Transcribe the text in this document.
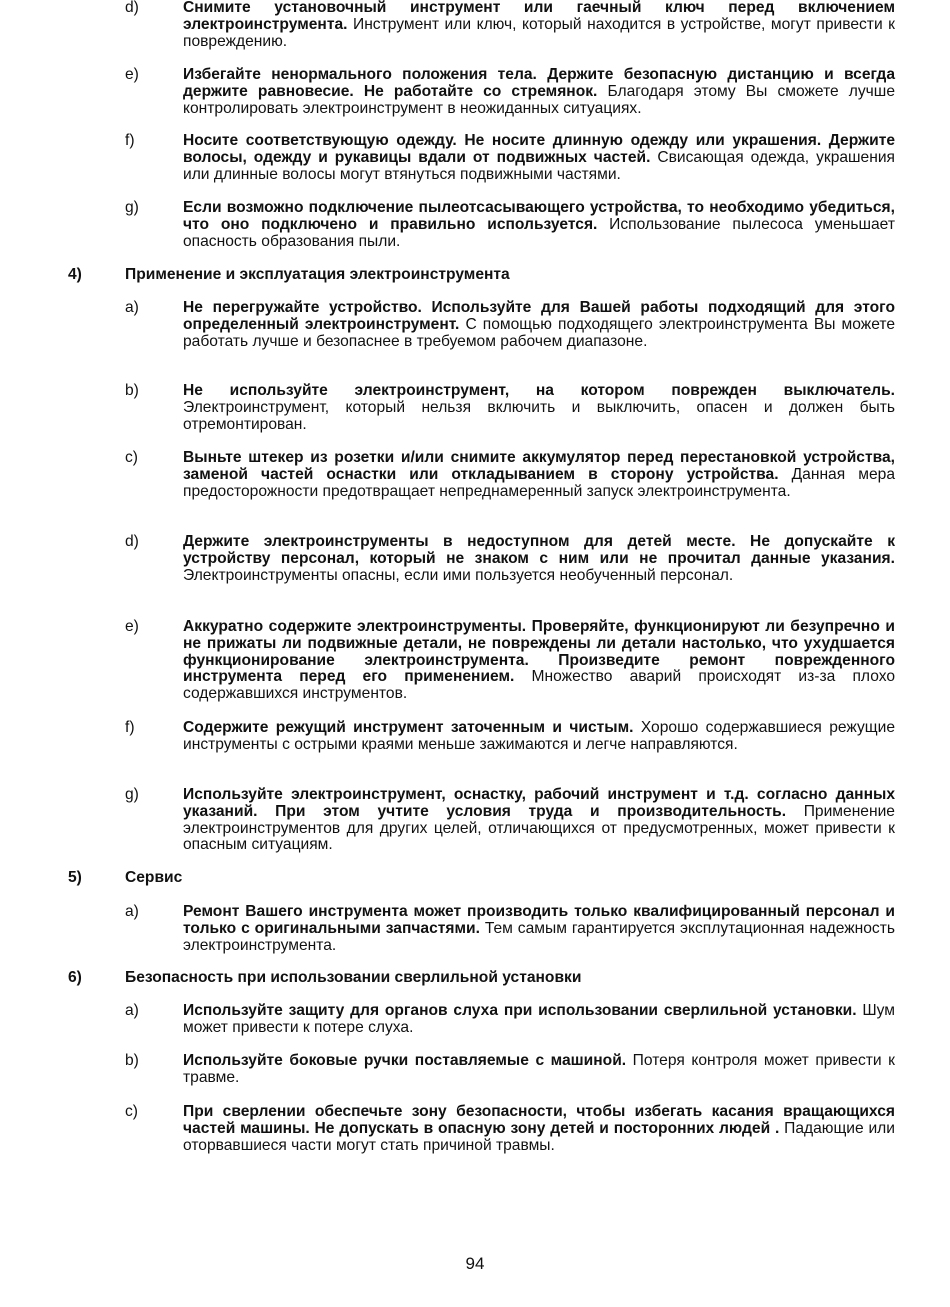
d)	Снимите установочный инструмент или гаечный ключ перед включением электроинструмента. Инструмент или ключ, который находится в устройстве, могут привести к повреждению.
e)	Избегайте ненормального положения тела. Держите безопасную дистанцию и всегда держите равновесие. Не работайте со стремянок. Благодаря этому Вы сможете лучше контролировать электроинструмент в неожиданных ситуациях.
f)	Носите соответствующую одежду. Не носите длинную одежду или украшения. Держите волосы, одежду и рукавицы вдали от подвижных частей. Свисающая одежда, украшения или длинные волосы могут втянуться подвижными частями.
g)	Если возможно подключение пылеотсасывающего устройства, то необходимо убедиться, что оно подключено и правильно используется. Использование пылесоса уменьшает опасность образования пыли.
4)	Применение и эксплуатация электроинструмента
a)	Не перегружайте устройство. Используйте для Вашей работы подходящий для этого определенный электроинструмент. С помощью подходящего электроинструмента Вы можете работать лучше и безопаснее в требуемом рабочем диапазоне.
b)	Не используйте электроинструмент, на котором поврежден выключатель. Электроинструмент, который нельзя включить и выключить, опасен и должен быть отремонтирован.
c)	Выньте штекер из розетки и/или снимите аккумулятор перед перестановкой устройства, заменой частей оснастки или откладыванием в сторону устройства. Данная мера предосторожности предотвращает непреднамеренный запуск электроинструмента.
d)	Держите электроинструменты в недоступном для детей месте. Не допускайте к устройству персонал, который не знаком с ним или не прочитал данные указания. Электроинструменты опасны, если ими пользуется необученный персонал.
e)	Аккуратно содержите электроинструменты. Проверяйте, функционируют ли безупречно и не прижаты ли подвижные детали, не повреждены ли детали настолько, что ухудшается функционирование электроинструмента. Произведите ремонт поврежденного инструмента перед его применением. Множество аварий происходят из-за плохо содержавшихся инструментов.
f)	Содержите режущий инструмент заточенным и чистым. Хорошо содержавшиеся режущие инструменты с острыми краями меньше зажимаются и легче направляются.
g)	Используйте электроинструмент, оснастку, рабочий инструмент и т.д. согласно данных указаний. При этом учтите условия труда и производительность. Применение электроинструментов для других целей, отличающихся от предусмотренных, может привести к опасным ситуациям.
5)	Сервис
a)	Ремонт Вашего инструмента может производить только квалифицированный персонал и только с оригинальными запчастями. Тем самым гарантируется эксплутационная надежность электроинструмента.
6)	Безопасность при использовании сверлильной установки
a)	Используйте защиту для органов слуха при использовании сверлильной установки. Шум может привести к потере слуха.
b)	Используйте боковые ручки поставляемые с машиной. Потеря контроля может привести к травме.
c)	При сверлении обеспечьте зону безопасности, чтобы избегать касания вращающихся частей машины. Не допускать в опасную зону детей и посторонних людей . Падающие или оторвавшиеся части могут стать причиной травмы.
94
